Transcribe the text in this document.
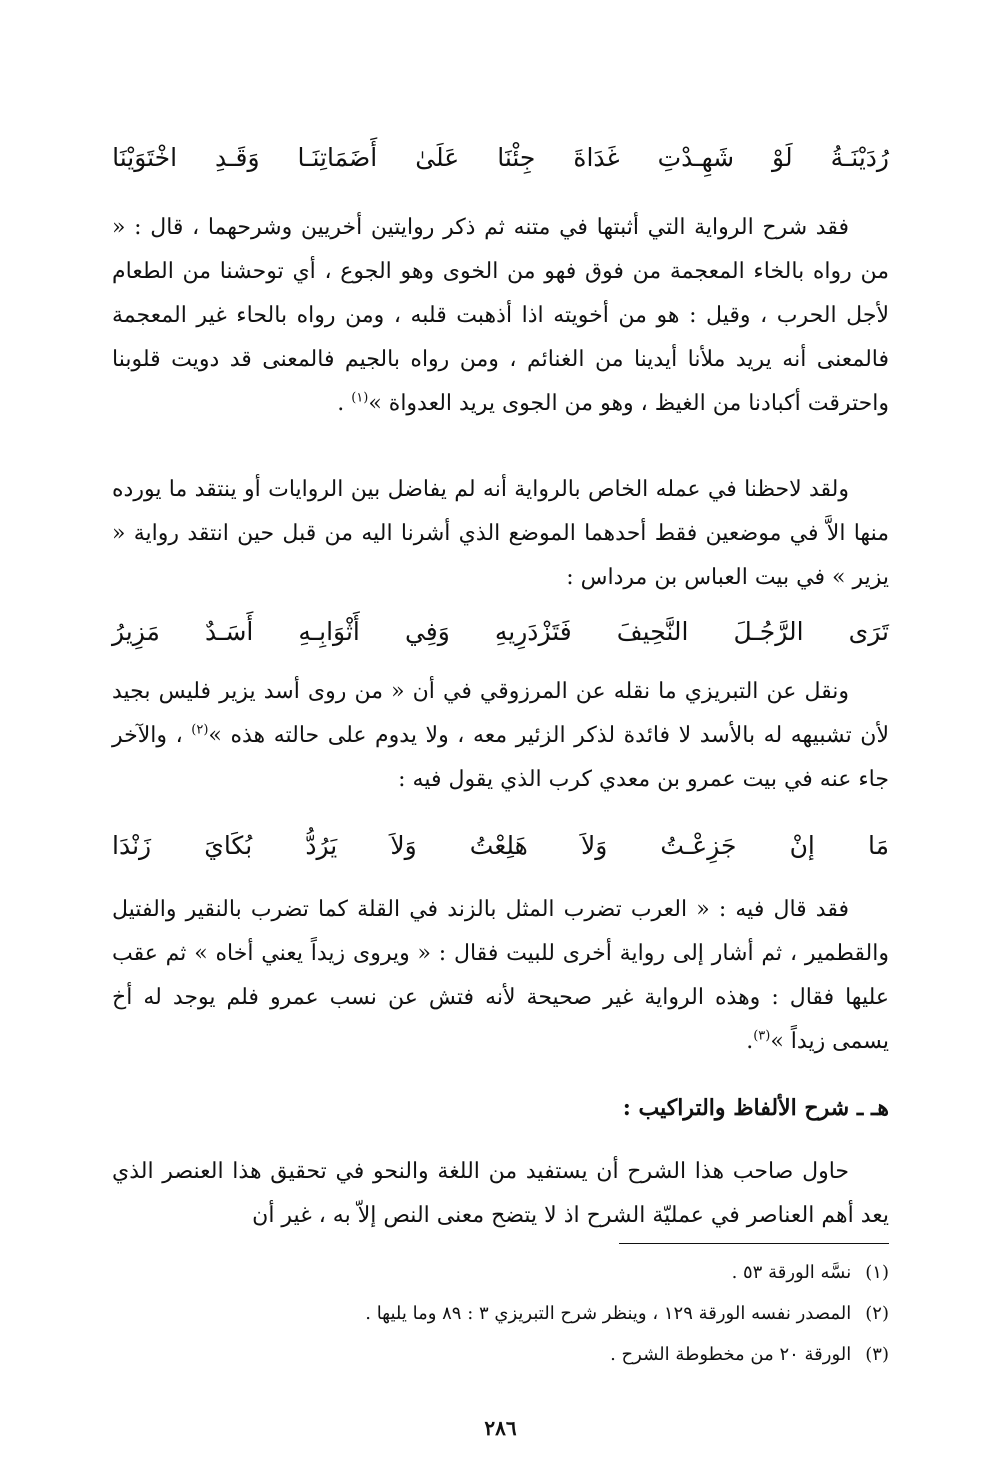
رُدَيْنَـةُ
لَوْ
شَهِـدْتِ
غَدَاةَ
جِئْنَا
عَلَىٰ
أَضَمَاتِنَـا
وَقَـدِ
اخْتَوَيْنَا

فقد شرح الرواية التي أثبتها في متنه ثم ذكر روايتين أخريين وشرحهما ، قال : « من رواه بالخاء المعجمة من فوق فهو من الخوى وهو الجوع ، أي توحشنا من الطعام لأجل الحرب ، وقيل : هو من أخويته اذا أذهبت قلبه ، ومن رواه بالحاء غير المعجمة فالمعنى أنه يريد ملأنا أيدينا من الغنائم ، ومن رواه بالجيم فالمعنى قد دويت قلوبنا واحترقت أكبادنا من الغيظ ، وهو من الجوى يريد العدواة »$^{(١)}$ .

ولقد لاحظنا في عمله الخاص بالرواية أنه لم يفاضل بين الروايات أو ينتقد ما يورده منها الاَّ في موضعين فقط أحدهما الموضع الذي أشرنا اليه من قبل حين انتقد رواية « يزير » في بيت العباس بن مرداس :

تَرَى
الرَّجُـلَ
النَّحِيفَ
فَتَزْدَرِيهِ
وَفِي
أَثْوَابِـهِ
أَسَـدٌ
مَزِيرُ

ونقل عن التبريزي ما نقله عن المرزوقي في أن « من روى أسد يزير فليس بجيد لأن تشبيهه له بالأسد لا فائدة لذكر الزئير معه ، ولا يدوم على حالته هذه »$^{(٢)}$ ، والآخر جاء عنه في بيت عمرو بن معدي كرب الذي يقول فيه :

مَا
إنْ
جَزِعْـتُ
وَلاَ
هَلِعْتُ
وَلاَ
يَرُدُّ
بُكَايَ
زَنْدَا

فقد قال فيه : « العرب تضرب المثل بالزند في القلة كما تضرب بالنقير والفتيل والقطمير ، ثم أشار إلى رواية أخرى للبيت فقال : « ويروى زيداً يعني أخاه » ثم عقب عليها فقال : وهذه الرواية غير صحيحة لأنه فتش عن نسب عمرو فلم يوجد له أخ يسمى زيداً »$^{(٣)}$.

هـ ـ شرح الألفاظ والتراكيب :

حاول صاحب هذا الشرح أن يستفيد من اللغة والنحو في تحقيق هذا العنصر الذي يعد أهم العناصر في عمليّة الشرح اذ لا يتضح معنى النص إلاّ به ، غير أن

(١)
نسَّه الورقة ٥٣ .
(٢)
المصدر نفسه الورقة ١٢٩ ، وينظر شرح التبريزي ٣ : ٨٩ وما يليها .
(٣)
الورقة ٢٠ من مخطوطة الشرح .
٢٨٦
